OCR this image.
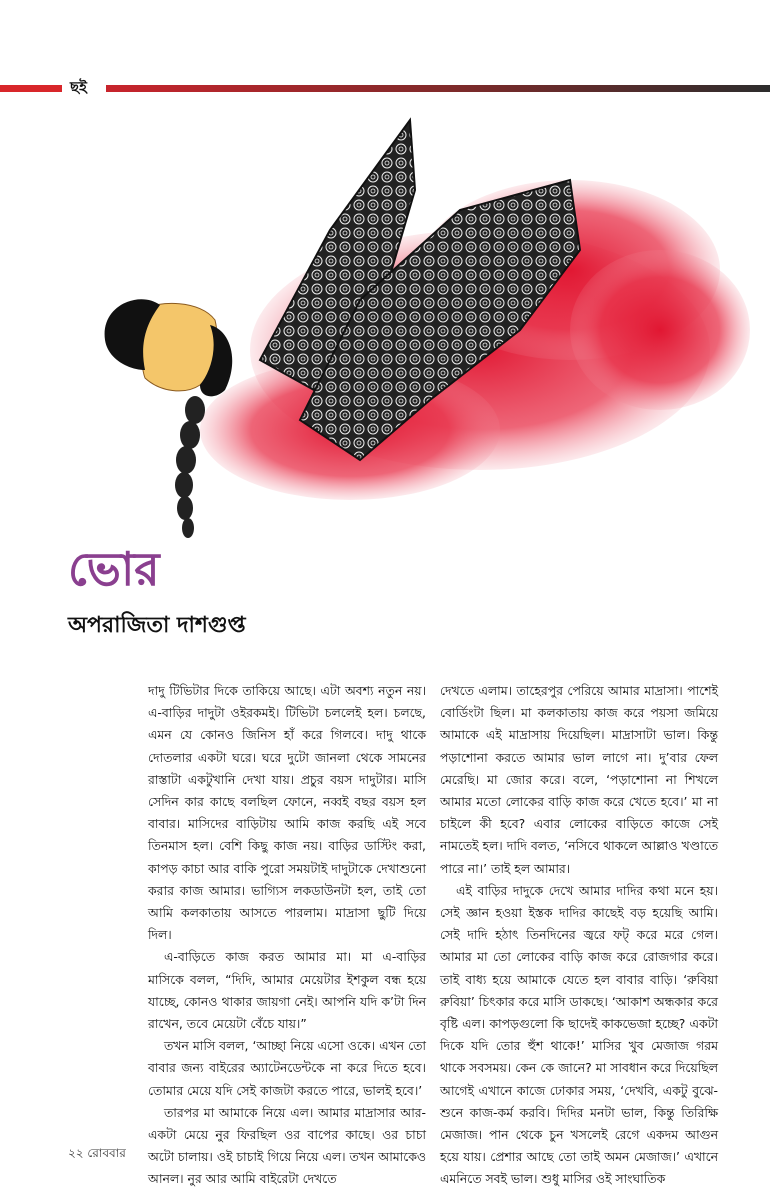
ছই
ভোর
অপরাজিতা দাশগুপ্ত

দাদু টিভিটার দিকে তাকিয়ে আছে। এটা অবশ্য নতুন নয়। এ-বাড়ির দাদুটা ওইরকমই। টিভিটা চললেই হল। চলছে, এমন যে কোনও জিনিস হাঁ করে গিলবে। দাদু থাকে দোতলার একটা ঘরে। ঘরে দুটো জানলা থেকে সামনের রাস্তাটা একটুখানি দেখা যায়। প্রচুর বয়স দাদুটার। মাসি সেদিন কার কাছে বলছিল ফোনে, নব্বই বছর বয়স হল বাবার। মাসিদের বাড়িটায় আমি কাজ করছি এই সবে তিনমাস হল। বেশি কিছু কাজ নয়। বাড়ির ডাস্টিং করা, কাপড় কাচা আর বাকি পুরো সময়টাই দাদুটাকে দেখাশুনো করার কাজ আমার। ভাগ্যিস লকডাউনটা হল, তাই তো আমি কলকাতায় আসতে পারলাম। মাদ্রাসা ছুটি দিয়ে দিল।

এ-বাড়িতে কাজ করত আমার মা। মা এ-বাড়ির মাসিকে বলল, “দিদি, আমার মেয়েটার ইশকুল বন্ধ হয়ে যাচ্ছে, কোনও থাকার জায়গা নেই। আপনি যদি ক’টা দিন রাখেন, তবে মেয়েটা বেঁচে যায়।”

তখন মাসি বলল, ‘আচ্ছা নিয়ে এসো ওকে। এখন তো বাবার জন্য বাইরের অ্যাটেনডেন্টকে না করে দিতে হবে। তোমার মেয়ে যদি সেই কাজটা করতে পারে, ভালই হবে।’

তারপর মা আমাকে নিয়ে এল। আমার মাদ্রাসার আর-একটা মেয়ে নুর ফিরছিল ওর বাপের কাছে। ওর চাচা অটো চালায়। ওই চাচাই গিয়ে নিয়ে এল। তখন আমাকেও আনল। নুর আর আমি বাইরেটা দেখতে

দেখতে এলাম। তাহেরপুর পেরিয়ে আমার মাদ্রাসা। পাশেই বোর্ডিংটা ছিল। মা কলকাতায় কাজ করে পয়সা জমিয়ে আমাকে এই মাদ্রাসায় দিয়েছিল। মাদ্রাসাটা ভাল। কিন্তু পড়াশোনা করতে আমার ভাল লাগে না। দু’বার ফেল মেরেছি। মা জোর করে। বলে, ‘পড়াশোনা না শিখলে আমার মতো লোকের বাড়ি কাজ করে খেতে হবে।’ মা না চাইলে কী হবে? এবার লোকের বাড়িতে কাজে সেই নামতেই হল। দাদি বলত, ‘নসিবে থাকলে আল্লাও খণ্ডাতে পারে না।’ তাই হল আমার।

এই বাড়ির দাদুকে দেখে আমার দাদির কথা মনে হয়। সেই জ্ঞান হওয়া ইস্তক দাদির কাছেই বড় হয়েছি আমি। সেই দাদি হঠাৎ তিনদিনের জ্বরে ফট্ করে মরে গেল। আমার মা তো লোকের বাড়ি কাজ করে রোজগার করে। তাই বাধ্য হয়ে আমাকে যেতে হল বাবার বাড়ি। ‘রুবিয়া রুবিয়া’ চিৎকার করে মাসি ডাকছে। ‘আকাশ অন্ধকার করে বৃষ্টি এল। কাপড়গুলো কি ছাদেই কাকভেজা হচ্ছে? একটা দিকে যদি তোর হুঁশ থাকে!’ মাসির খুব মেজাজ গরম থাকে সবসময়। কেন কে জানে? মা সাবধান করে দিয়েছিল আগেই এখানে কাজে ঢোকার সময়, ‘দেখবি, একটু বুঝে-শুনে কাজ-কর্ম করবি। দিদির মনটা ভাল, কিন্তু তিরিক্ষি মেজাজ। পান থেকে চুন খসলেই রেগে একদম আগুন হয়ে যায়। প্রেশার আছে তো তাই অমন মেজাজ।’ এখানে এমনিতে সবই ভাল। শুধু মাসির ওই সাংঘাতিক

২২ রোববার
